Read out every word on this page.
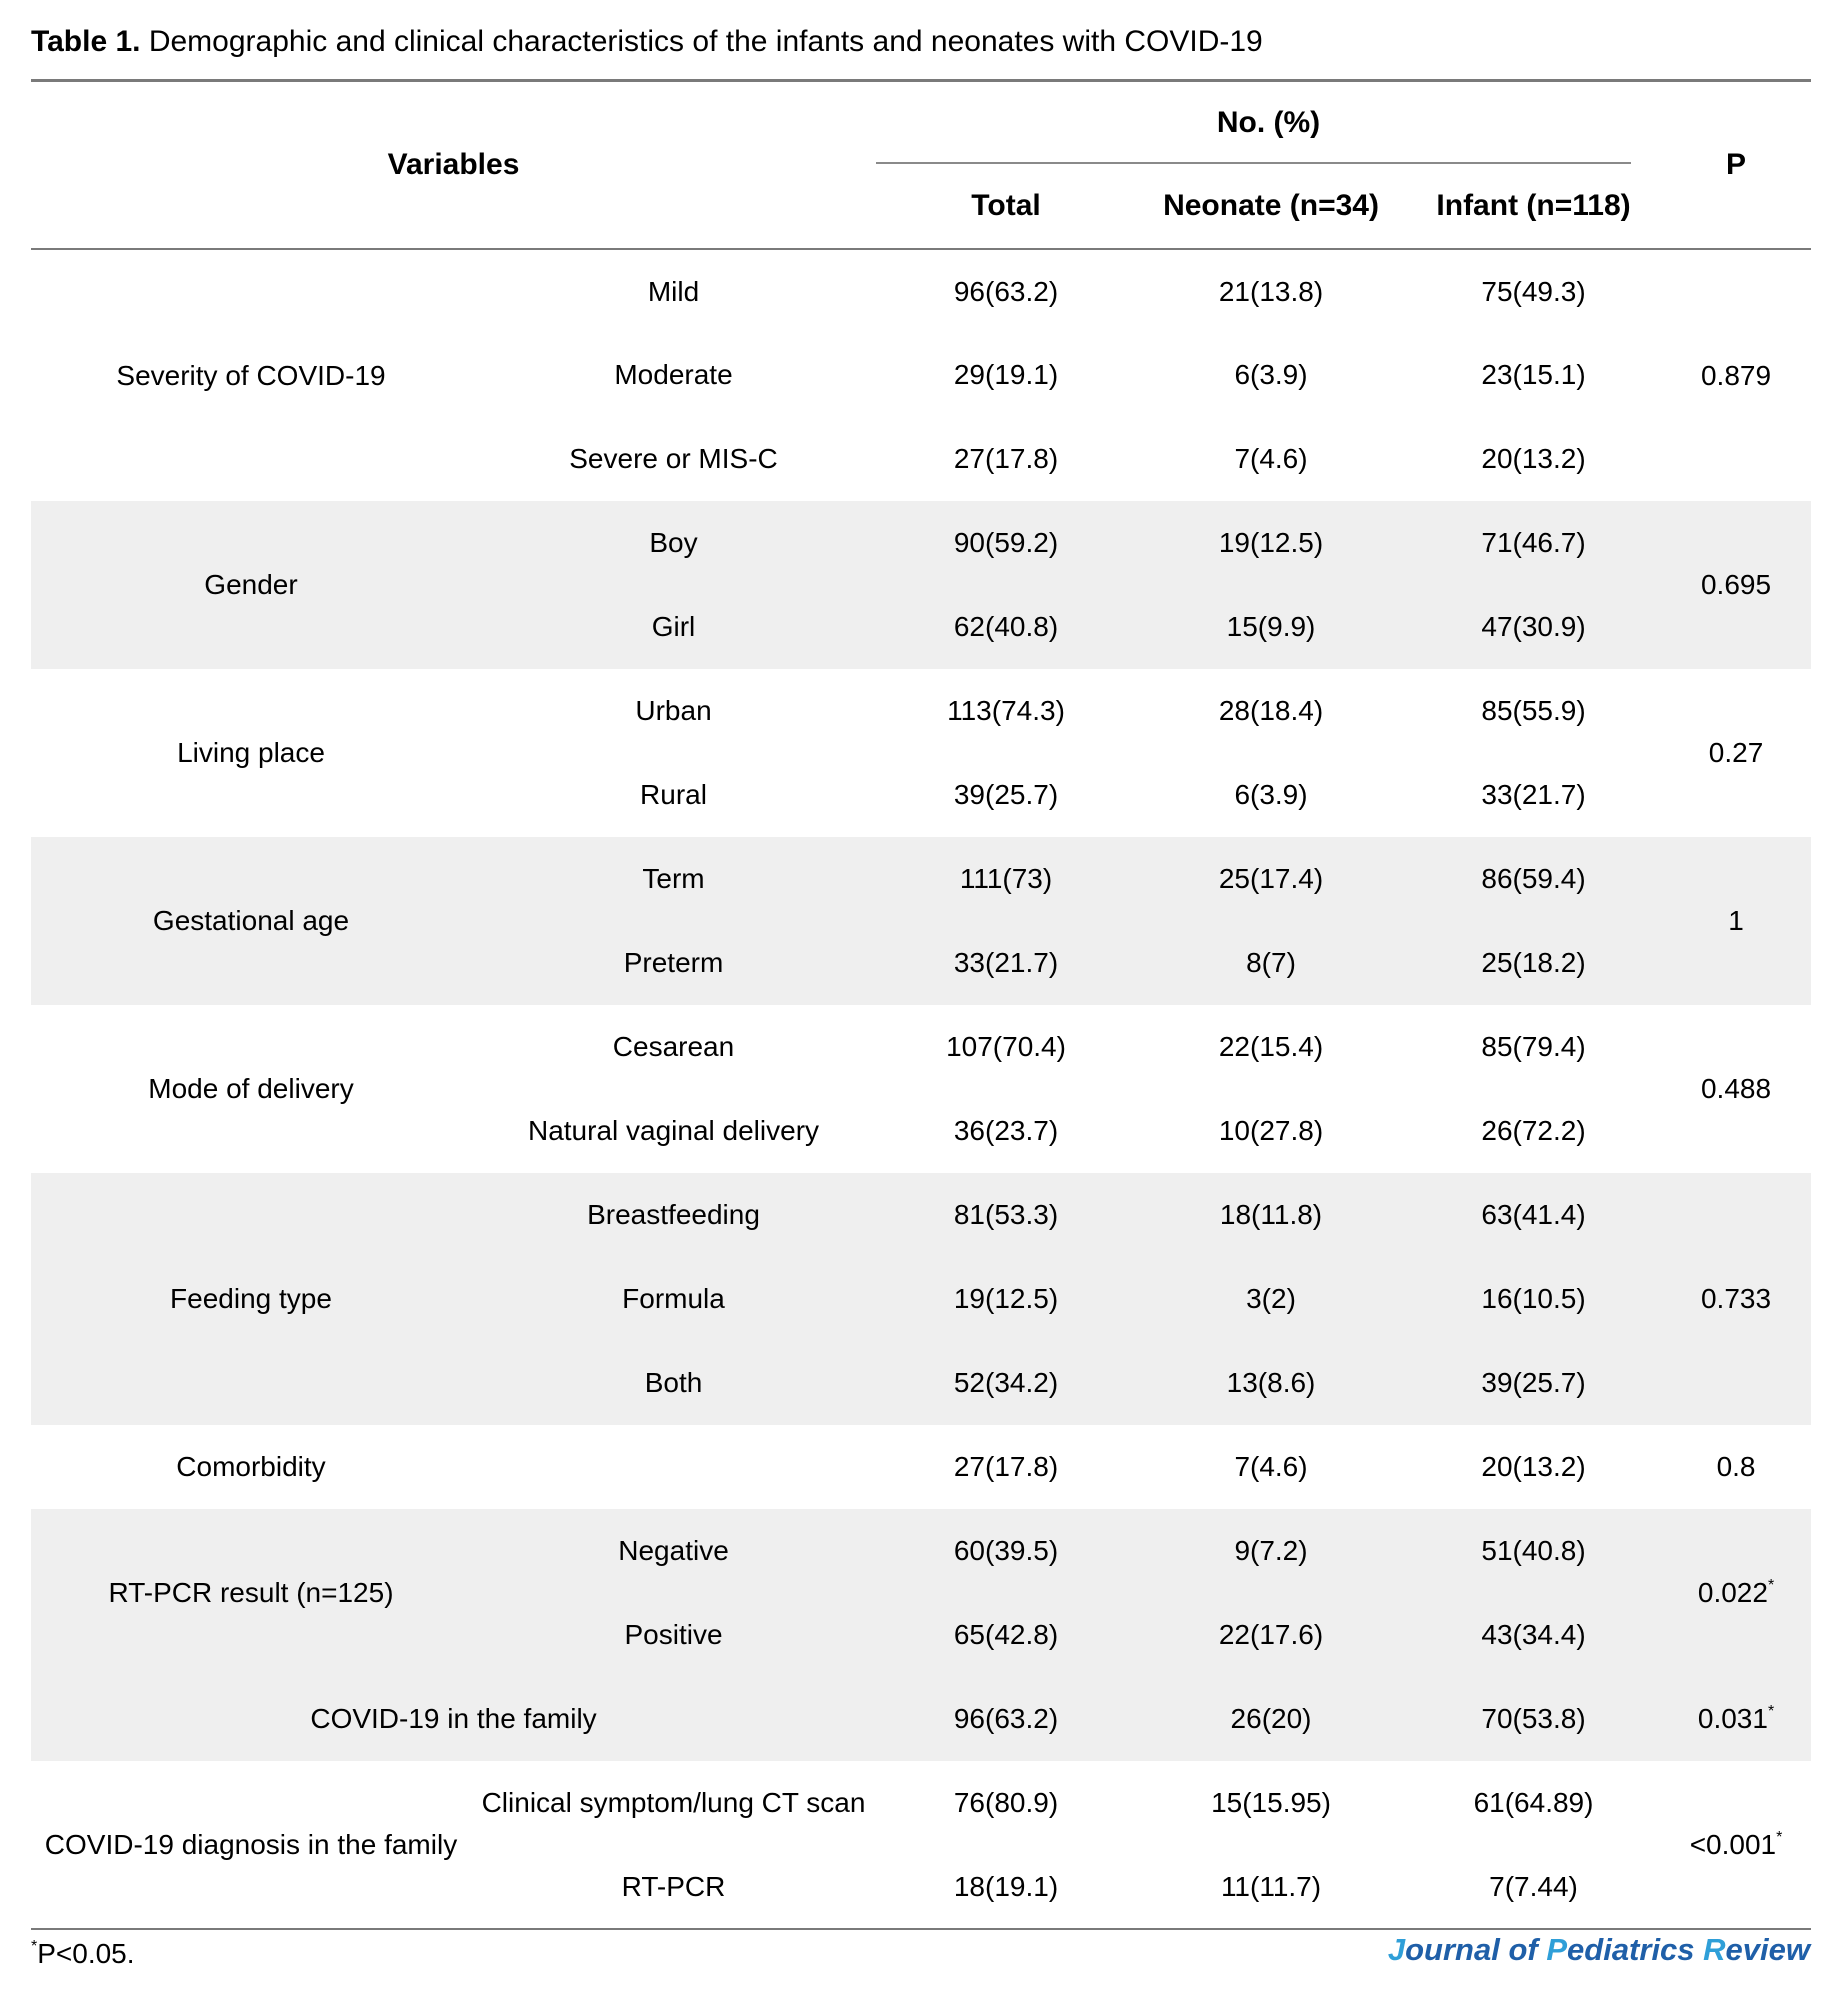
Table 1. Demographic and clinical characteristics of the infants and neonates with COVID-19
Variables		No. (%)			P
		Total	Neonate (n=34)	Infant (n=118)	
Severity of COVID-19	Mild	96(63.2)	21(13.8)	75(49.3)	0.879
	Moderate	29(19.1)	6(3.9)	23(15.1)	
	Severe or MIS-C	27(17.8)	7(4.6)	20(13.2)	
Gender	Boy	90(59.2)	19(12.5)	71(46.7)	0.695
	Girl	62(40.8)	15(9.9)	47(30.9)	
Living place	Urban	113(74.3)	28(18.4)	85(55.9)	0.27
	Rural	39(25.7)	6(3.9)	33(21.7)	
Gestational age	Term	111(73)	25(17.4)	86(59.4)	1
	Preterm	33(21.7)	8(7)	25(18.2)	
Mode of delivery	Cesarean	107(70.4)	22(15.4)	85(79.4)	0.488
	Natural vaginal delivery	36(23.7)	10(27.8)	26(72.2)	
Feeding type	Breastfeeding	81(53.3)	18(11.8)	63(41.4)	0.733
	Formula	19(12.5)	3(2)	16(10.5)	
	Both	52(34.2)	13(8.6)	39(25.7)	
Comorbidity		27(17.8)	7(4.6)	20(13.2)	0.8
RT-PCR result (n=125)	Negative	60(39.5)	9(7.2)	51(40.8)	0.022*
	Positive	65(42.8)	22(17.6)	43(34.4)	
COVID-19 in the family		96(63.2)	26(20)	70(53.8)	0.031*
COVID-19 diagnosis in the family	Clinical symptom/lung CT scan	76(80.9)	15(15.95)	61(64.89)	<0.001*
	RT-PCR	18(19.1)	11(11.7)	7(7.44)	
*P<0.05.	Journal of Pediatrics Review
